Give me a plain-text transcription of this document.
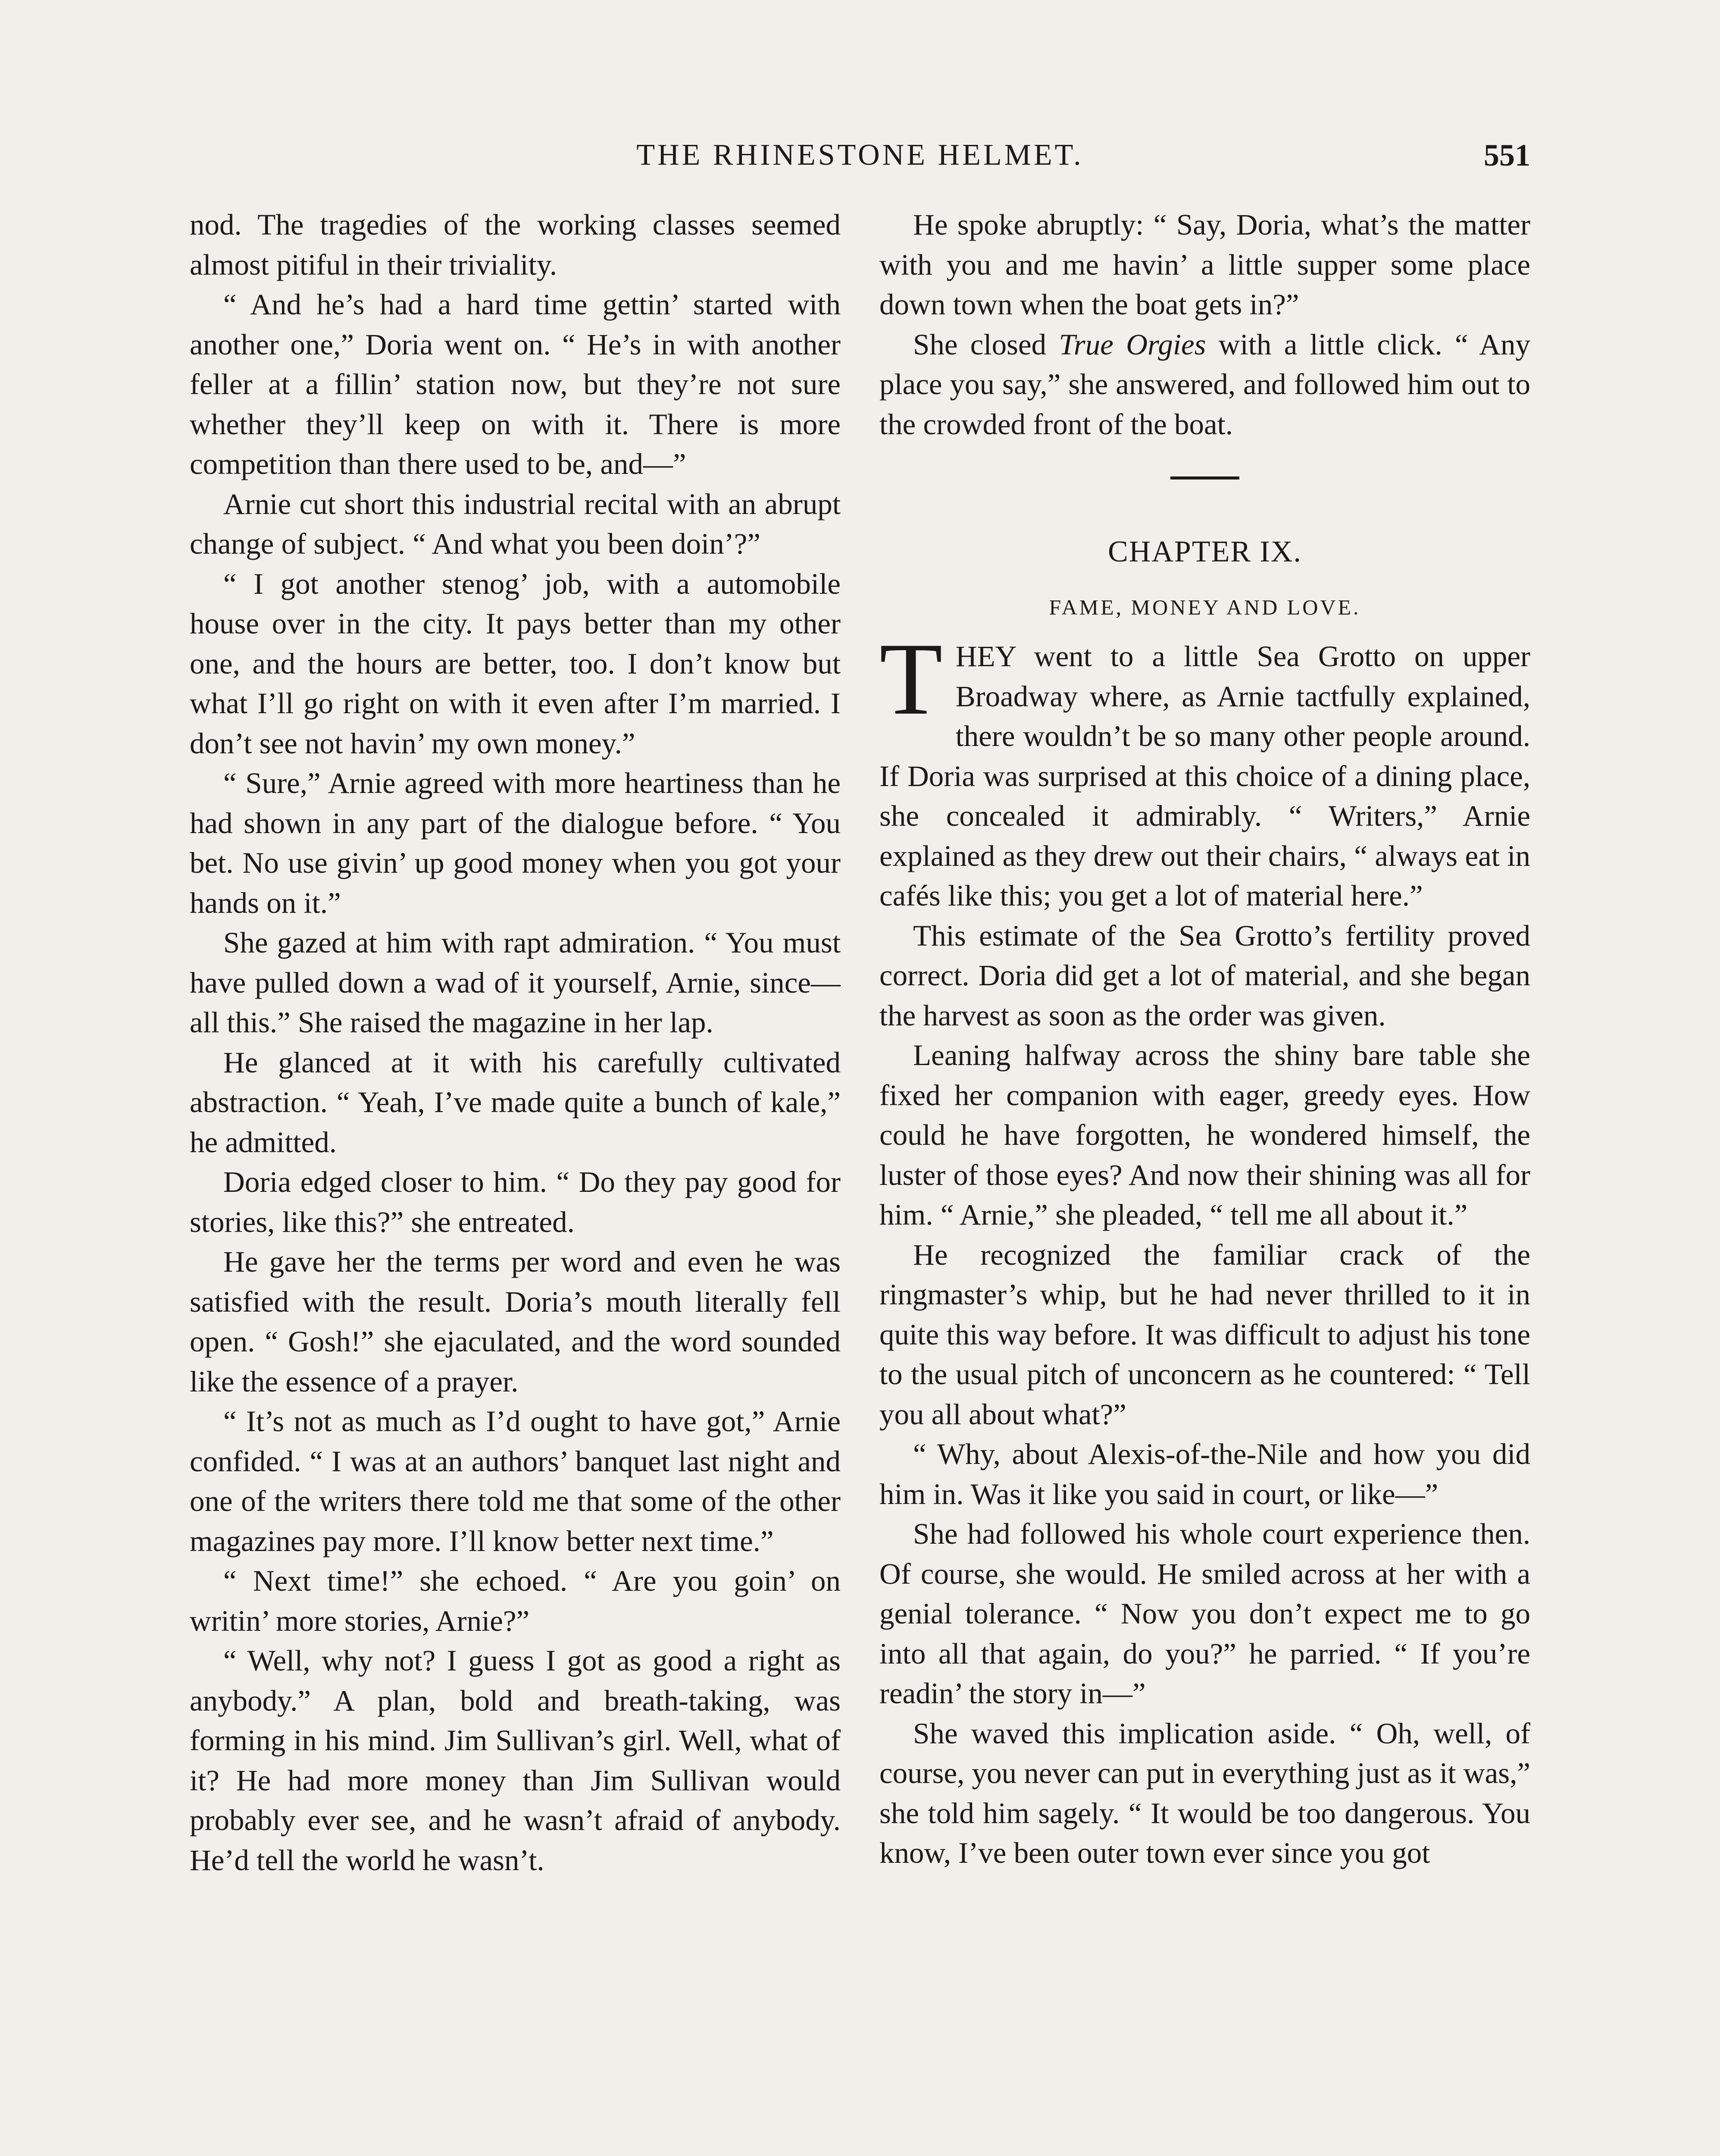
THE RHINESTONE HELMET.	551

nod. The tragedies of the working classes seemed almost pitiful in their triviality.

“ And he’s had a hard time gettin’ started with another one,” Doria went on. “ He’s in with another feller at a fillin’ station now, but they’re not sure whether they’ll keep on with it. There is more competition than there used to be, and—”

Arnie cut short this industrial recital with an abrupt change of subject. “ And what you been doin’?”

“ I got another stenog’ job, with a automobile house over in the city. It pays better than my other one, and the hours are better, too. I don’t know but what I’ll go right on with it even after I’m married. I don’t see not havin’ my own money.”

“ Sure,” Arnie agreed with more heartiness than he had shown in any part of the dialogue before. “ You bet. No use givin’ up good money when you got your hands on it.”

She gazed at him with rapt admiration. “ You must have pulled down a wad of it yourself, Arnie, since—all this.” She raised the magazine in her lap.

He glanced at it with his carefully cultivated abstraction. “ Yeah, I’ve made quite a bunch of kale,” he admitted.

Doria edged closer to him. “ Do they pay good for stories, like this?” she entreated.

He gave her the terms per word and even he was satisfied with the result. Doria’s mouth literally fell open. “ Gosh!” she ejaculated, and the word sounded like the essence of a prayer.

“ It’s not as much as I’d ought to have got,” Arnie confided. “ I was at an authors’ banquet last night and one of the writers there told me that some of the other magazines pay more. I’ll know better next time.”

“ Next time!” she echoed. “ Are you goin’ on writin’ more stories, Arnie?”

“ Well, why not? I guess I got as good a right as anybody.” A plan, bold and breath-taking, was forming in his mind. Jim Sullivan’s girl. Well, what of it? He had more money than Jim Sullivan would probably ever see, and he wasn’t afraid of anybody. He’d tell the world he wasn’t.

He spoke abruptly: “ Say, Doria, what’s the matter with you and me havin’ a little supper some place down town when the boat gets in?”

She closed True Orgies with a little click. “ Any place you say,” she answered, and followed him out to the crowded front of the boat.

CHAPTER IX.
FAME, MONEY AND LOVE.

THEY went to a little Sea Grotto on upper Broadway where, as Arnie tactfully explained, there wouldn’t be so many other people around. If Doria was surprised at this choice of a dining place, she concealed it admirably. “ Writers,” Arnie explained as they drew out their chairs, “ always eat in cafés like this; you get a lot of material here.”

This estimate of the Sea Grotto’s fertility proved correct. Doria did get a lot of material, and she began the harvest as soon as the order was given.

Leaning halfway across the shiny bare table she fixed her companion with eager, greedy eyes. How could he have forgotten, he wondered himself, the luster of those eyes? And now their shining was all for him. “ Arnie,” she pleaded, “ tell me all about it.”

He recognized the familiar crack of the ringmaster’s whip, but he had never thrilled to it in quite this way before. It was difficult to adjust his tone to the usual pitch of unconcern as he countered: “ Tell you all about what?”

“ Why, about Alexis-of-the-Nile and how you did him in. Was it like you said in court, or like—”

She had followed his whole court experience then. Of course, she would. He smiled across at her with a genial tolerance. “ Now you don’t expect me to go into all that again, do you?” he parried. “ If you’re readin’ the story in—”

She waved this implication aside. “ Oh, well, of course, you never can put in everything just as it was,” she told him sagely. “ It would be too dangerous. You know, I’ve been outer town ever since you got
